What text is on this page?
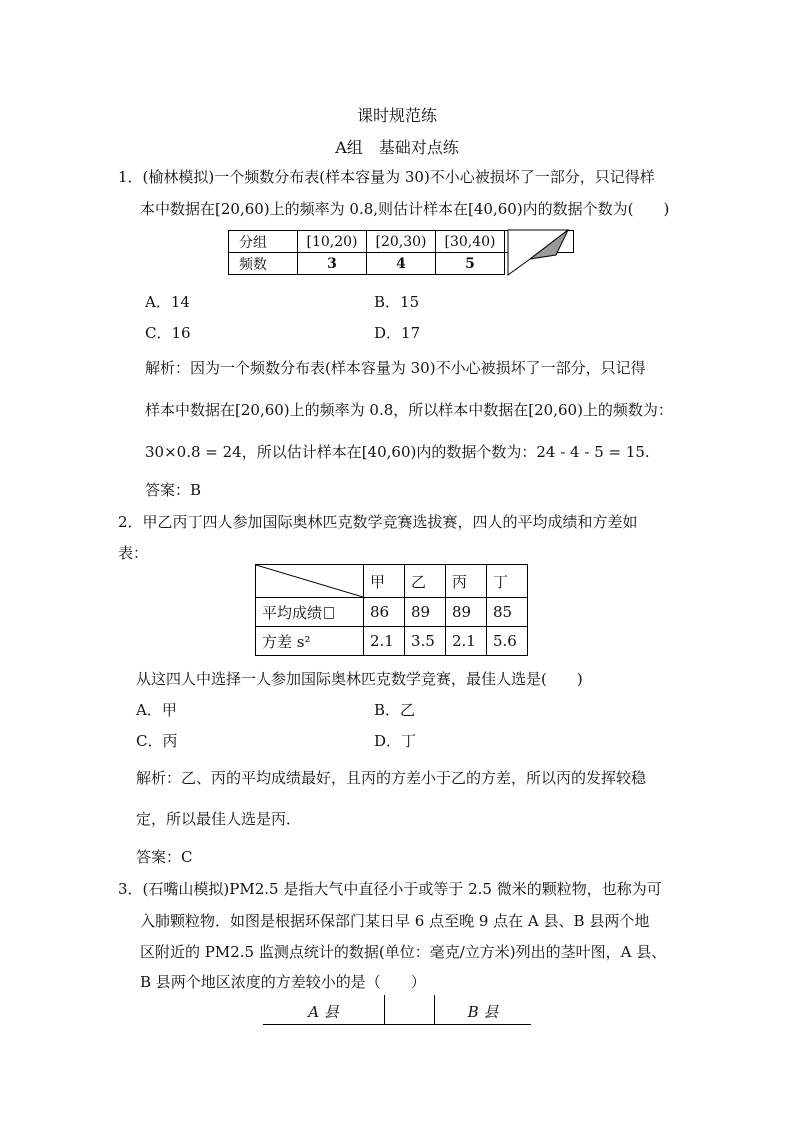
课时规范练
A组　基础对点练
1．(榆林模拟)一个频数分布表(样本容量为 30)不小心被损坏了一部分，只记得样
本中数据在[20,60)上的频率为 0.8,则估计样本在[40,60)内的数据个数为(　　)
分组	[10,20)	[20,30)	[30,40)	
频数	3	4	5	
A．14	B．15
C．16	D．17
解析：因为一个频数分布表(样本容量为 30)不小心被损坏了一部分，只记得
样本中数据在[20,60)上的频率为 0.8，所以样本中数据在[20,60)上的频数为：
30×0.8 = 24，所以估计样本在[40,60)内的数据个数为：24 - 4 - 5 = 15.
答案：B
2．甲乙丙丁四人参加国际奥林匹克数学竞赛选拔赛，四人的平均成绩和方差如
表：
	甲	乙	丙	丁
平均成绩	86	89	89	85
方差 s²	2.1	3.5	2.1	5.6
从这四人中选择一人参加国际奥林匹克数学竞赛，最佳人选是(　　)
A．甲	B．乙
C．丙	D．丁
解析：乙、丙的平均成绩最好，且丙的方差小于乙的方差，所以丙的发挥较稳
定，所以最佳人选是丙．
答案：C
3．(石嘴山模拟)PM2.5 是指大气中直径小于或等于 2.5 微米的颗粒物，也称为可
入肺颗粒物．如图是根据环保部门某日早 6 点至晚 9 点在 A 县、B 县两个地
区附近的 PM2.5 监测点统计的数据(单位：毫克/立方米)列出的茎叶图，A 县、
B 县两个地区浓度的方差较小的是（　　）
A 县	B 县
